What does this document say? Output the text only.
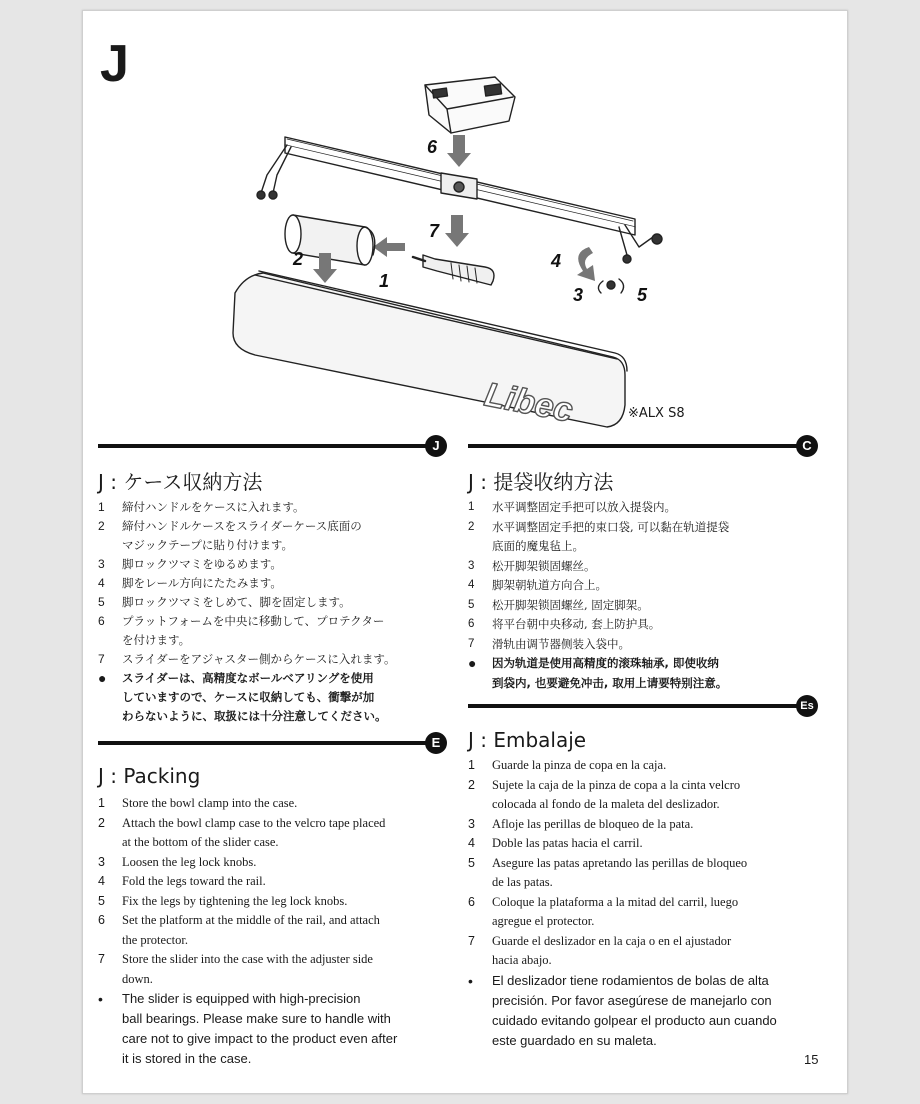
J
Libec
1
2
3
4
5
6
7
※ALX S8
J	C
E
Es
J : ケース収納方法
1 締付ハンドルをケースに入れます。
2 締付ハンドルケースをスライダーケース底面の
マジックテープに貼り付けます。
3 脚ロックツマミをゆるめます。
4 脚をレール方向にたたみます。
5 脚ロックツマミをしめて、脚を固定します。
6 プラットフォームを中央に移動して、プロテクター
を付けます。
7 スライダーをアジャスター側からケースに入れます。
● スライダーは、高精度なボールベアリングを使用
していますので、ケースに収納しても、衝撃が加
わらないように、取扱には十分注意してください。
J : 提袋收纳方法
1 水平调整固定手把可以放入提袋内。
2 水平调整固定手把的束口袋, 可以黏在轨道提袋
底面的魔鬼毡上。
3 松开脚架锁固螺丝。
4 脚架朝轨道方向合上。
5 松开脚架锁固螺丝, 固定脚架。
6 将平台朝中央移动, 套上防护具。
7 滑轨由调节器侧装入袋中。
● 因为轨道是使用高精度的滚珠轴承, 即使收纳
到袋内, 也要避免冲击, 取用上请要特别注意。
J : Packing
1 Store the bowl clamp into the case.
2 Attach the bowl clamp case to the velcro tape placed
at the bottom of the slider case.
3 Loosen the leg lock knobs.
4 Fold the legs toward the rail.
5 Fix the legs by tightening the leg lock knobs.
6 Set the platform at the middle of the rail, and attach
the protector.
7 Store the slider into the case with the adjuster side
down.
• The slider is equipped with high-precision
ball bearings. Please make sure to handle with
care not to give impact to the product even after
it is stored in the case.
J : Embalaje
1 Guarde la pinza de copa en la caja.
2 Sujete la caja de la pinza de copa a la cinta velcro
colocada al fondo de la maleta del deslizador.
3 Afloje las perillas de bloqueo de la pata.
4 Doble las patas hacia el carril.
5 Asegure las patas apretando las perillas de bloqueo
de las patas.
6 Coloque la plataforma a la mitad del carril, luego
agregue el protector.
7 Guarde el deslizador en la caja o en el ajustador
hacia abajo.
• El deslizador tiene rodamientos de bolas de alta
precisión. Por favor asegúrese de manejarlo con
cuidado evitando golpear el producto aun cuando
este guardado en su maleta.
15
